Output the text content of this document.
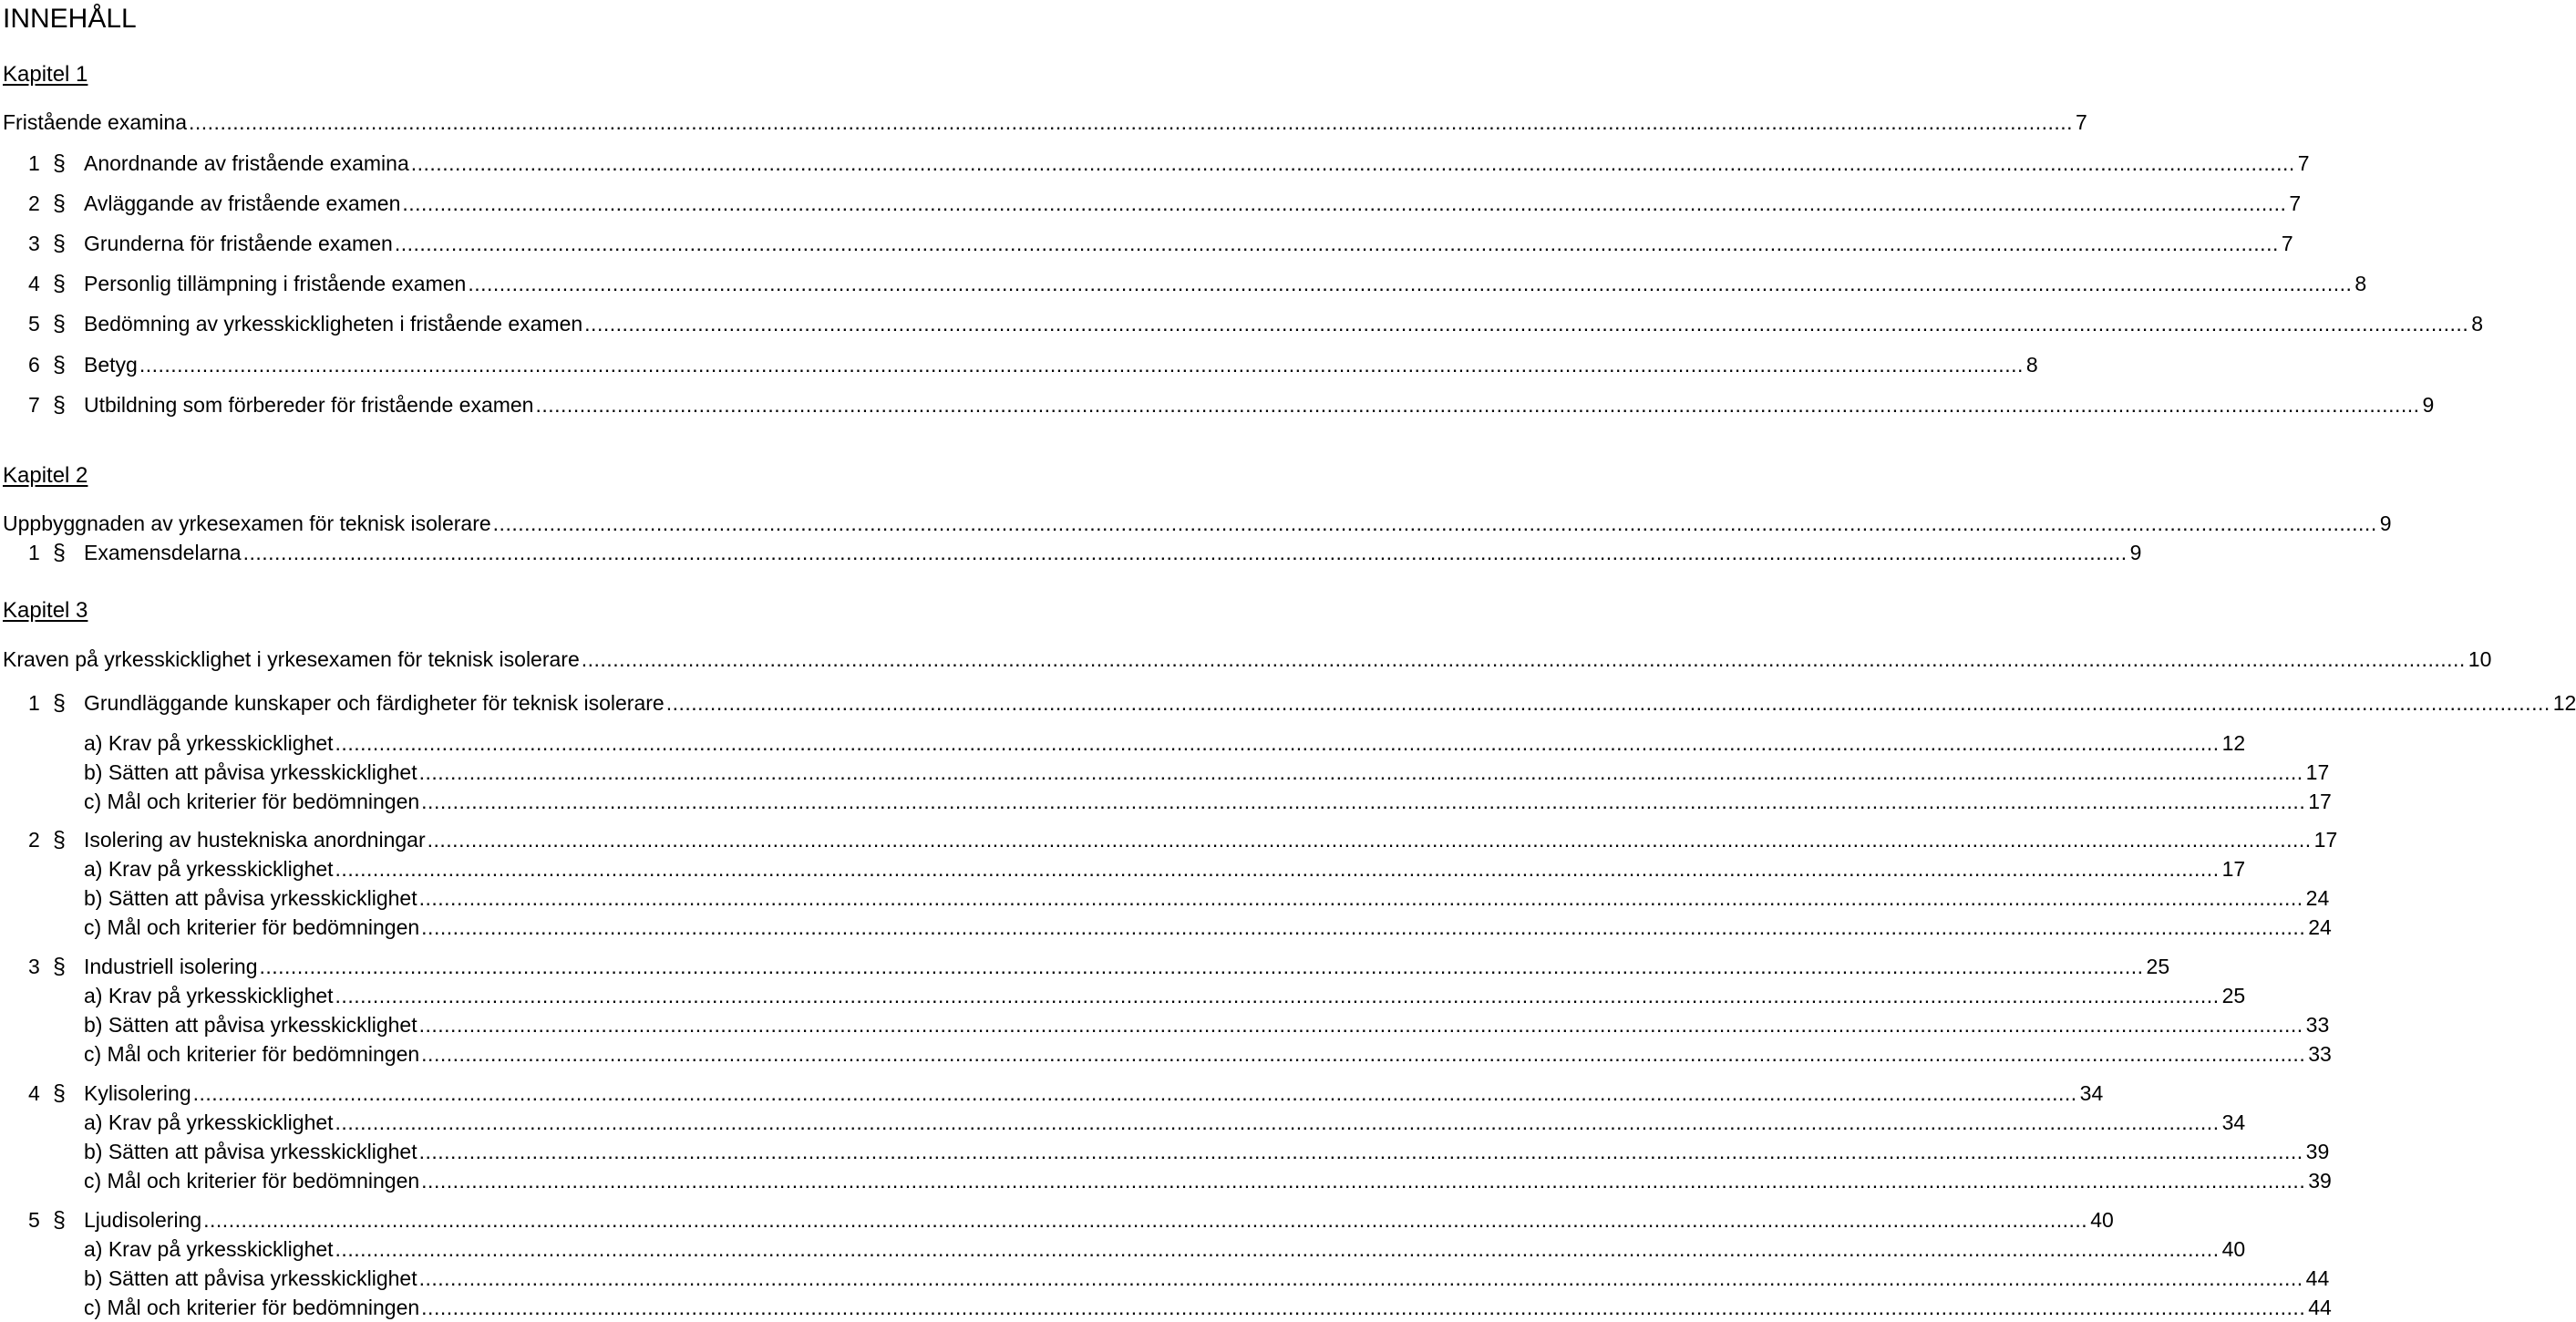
INNEHÅLL
Kapitel 1
Kapitel 2
Kapitel 3
Fristående examina ............................................................................................................................................................................................................................................................................................................ 7
1 § Anordnande av fristående examina ............................................................................................................................................................................................................................................................................................................ 7
2 § Avläggande av fristående examen ............................................................................................................................................................................................................................................................................................................ 7
3 § Grunderna för fristående examen ............................................................................................................................................................................................................................................................................................................ 7
4 § Personlig tillämpning i fristående examen ............................................................................................................................................................................................................................................................................................................ 8
5 § Bedömning av yrkesskickligheten i fristående examen ............................................................................................................................................................................................................................................................................................................ 8
6 § Betyg ............................................................................................................................................................................................................................................................................................................ 8
7 § Utbildning som förbereder för fristående examen ............................................................................................................................................................................................................................................................................................................ 9
Uppbyggnaden av yrkesexamen för teknisk isolerare ............................................................................................................................................................................................................................................................................................................ 9
1 § Examensdelarna ............................................................................................................................................................................................................................................................................................................ 9
Kraven på yrkesskicklighet i yrkesexamen för teknisk isolerare ............................................................................................................................................................................................................................................................................................................ 10
1 § Grundläggande kunskaper och färdigheter för teknisk isolerare ............................................................................................................................................................................................................................................................................................................ 12
a) Krav på yrkesskicklighet ............................................................................................................................................................................................................................................................................................................ 12
b) Sätten att påvisa yrkesskicklighet ............................................................................................................................................................................................................................................................................................................ 17
c) Mål och kriterier för bedömningen ............................................................................................................................................................................................................................................................................................................ 17
2 § Isolering av hustekniska anordningar ............................................................................................................................................................................................................................................................................................................ 17
a) Krav på yrkesskicklighet ............................................................................................................................................................................................................................................................................................................ 17
b) Sätten att påvisa yrkesskicklighet ............................................................................................................................................................................................................................................................................................................ 24
c) Mål och kriterier för bedömningen ............................................................................................................................................................................................................................................................................................................ 24
3 § Industriell isolering ............................................................................................................................................................................................................................................................................................................ 25
a) Krav på yrkesskicklighet ............................................................................................................................................................................................................................................................................................................ 25
b) Sätten att påvisa yrkesskicklighet ............................................................................................................................................................................................................................................................................................................ 33
c) Mål och kriterier för bedömningen ............................................................................................................................................................................................................................................................................................................ 33
4 § Kylisolering ............................................................................................................................................................................................................................................................................................................ 34
a) Krav på yrkesskicklighet ............................................................................................................................................................................................................................................................................................................ 34
b) Sätten att påvisa yrkesskicklighet ............................................................................................................................................................................................................................................................................................................ 39
c) Mål och kriterier för bedömningen ............................................................................................................................................................................................................................................................................................................ 39
5 § Ljudisolering ............................................................................................................................................................................................................................................................................................................ 40
a) Krav på yrkesskicklighet ............................................................................................................................................................................................................................................................................................................ 40
b) Sätten att påvisa yrkesskicklighet ............................................................................................................................................................................................................................................................................................................ 44
c) Mål och kriterier för bedömningen ............................................................................................................................................................................................................................................................................................................ 44
